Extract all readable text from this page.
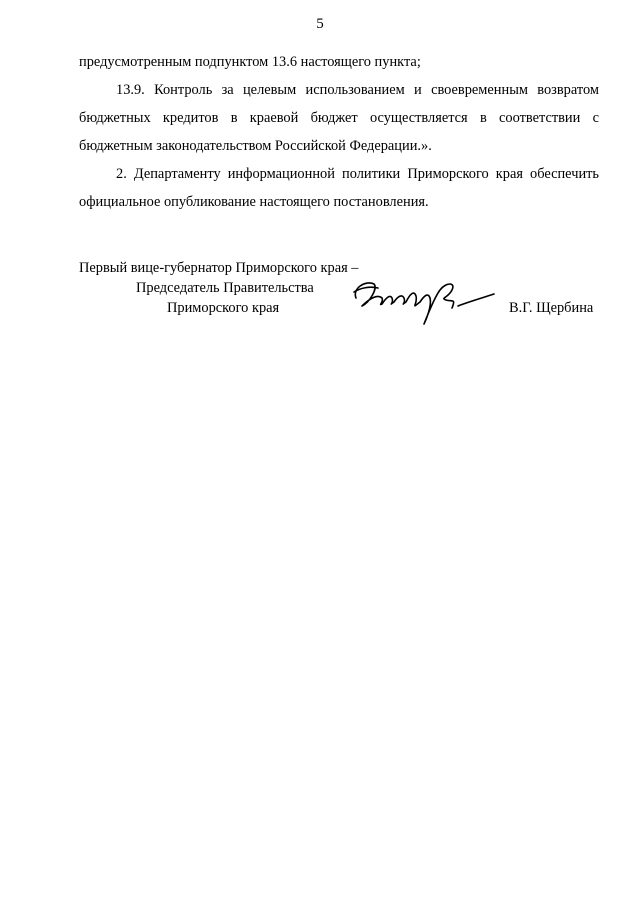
5

предусмотренным подпунктом 13.6 настоящего пункта;

13.9. Контроль за целевым использованием и своевременным возвратом бюджетных кредитов в краевой бюджет осуществляется в соответствии с бюджетным законодательством Российской Федерации.».

2. Департаменту информационной политики Приморского края обеспечить официальное опубликование настоящего постановления.

Первый вице-губернатор Приморского края –
Председатель Правительства
Приморского края	В.Г. Щербина
